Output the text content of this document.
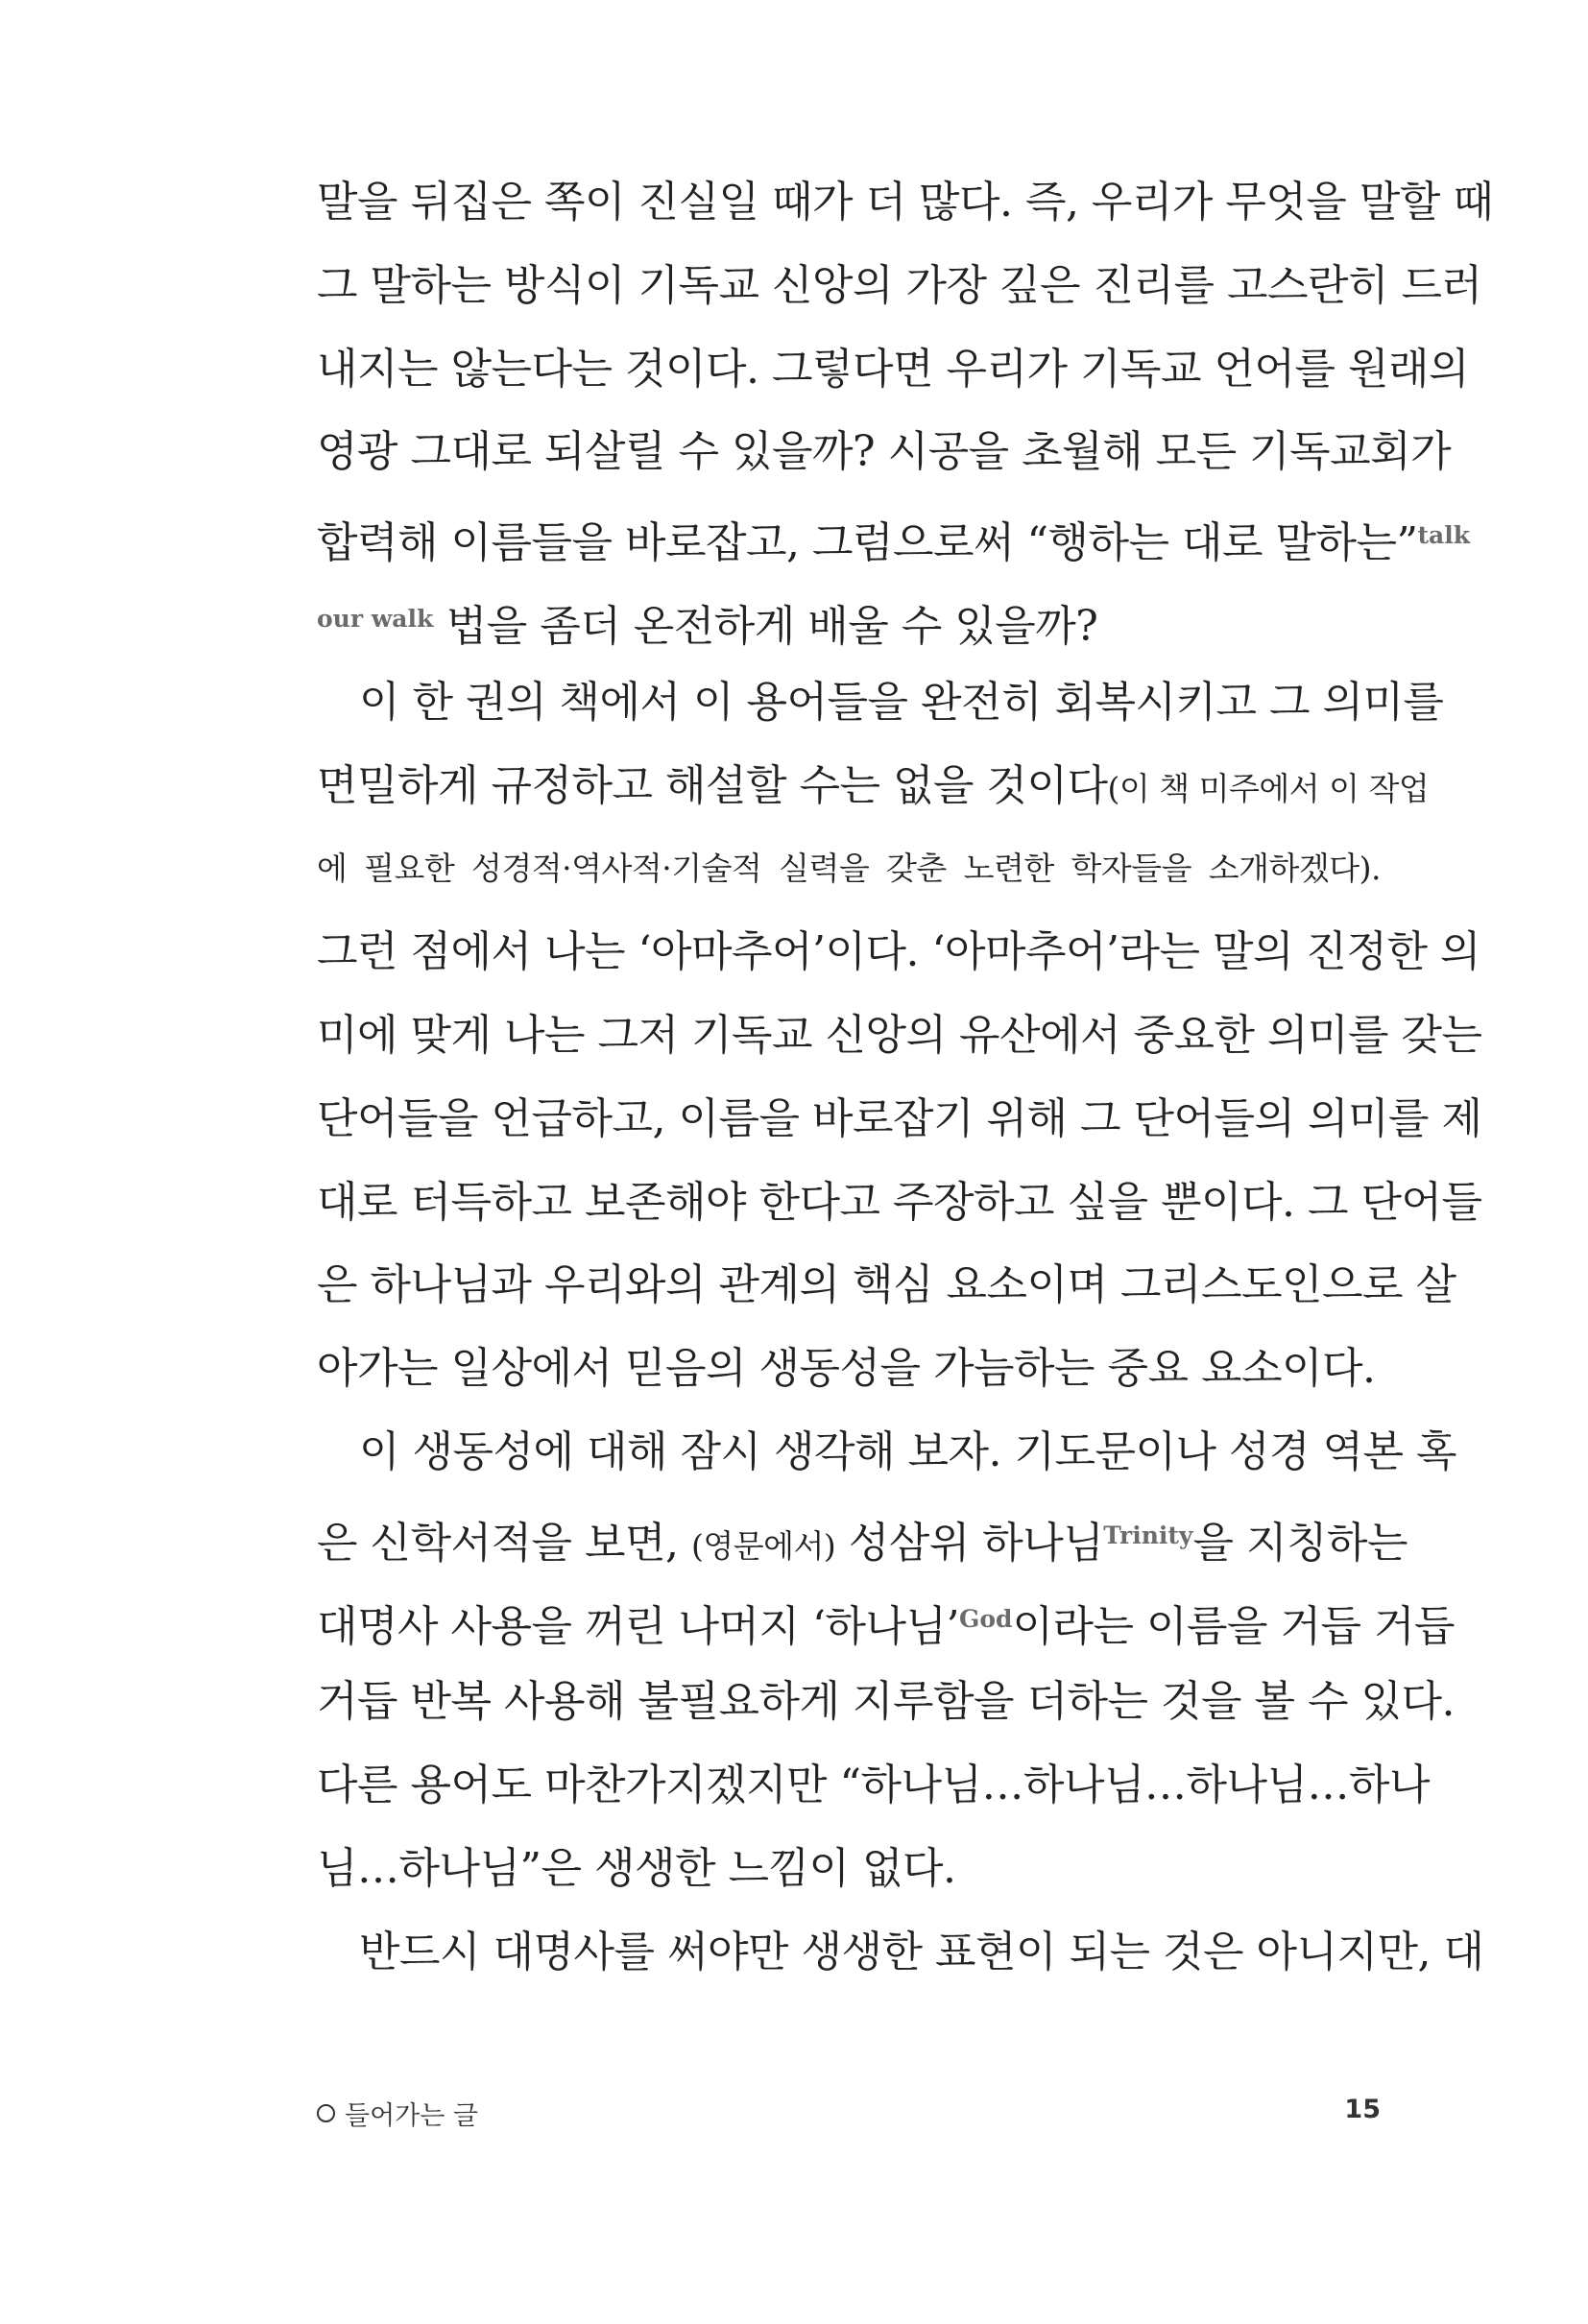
말을 뒤집은 쪽이 진실일 때가 더 많다. 즉, 우리가 무엇을 말할 때
그 말하는 방식이 기독교 신앙의 가장 깊은 진리를 고스란히 드러
내지는 않는다는 것이다. 그렇다면 우리가 기독교 언어를 원래의
영광 그대로 되살릴 수 있을까? 시공을 초월해 모든 기독교회가
합력해 이름들을 바로잡고, 그럼으로써 “행하는 대로 말하는”$^{talk}$
$^{our walk}$ 법을 좀더 온전하게 배울 수 있을까?
이 한 권의 책에서 이 용어들을 완전히 회복시키고 그 의미를
면밀하게 규정하고 해설할 수는 없을 것이다(이 책 미주에서 이 작업
에 필요한 성경적·역사적·기술적 실력을 갖춘 노련한 학자들을 소개하겠다).
그런 점에서 나는 ‘아마추어’이다. ‘아마추어’라는 말의 진정한 의
미에 맞게 나는 그저 기독교 신앙의 유산에서 중요한 의미를 갖는
단어들을 언급하고, 이름을 바로잡기 위해 그 단어들의 의미를 제
대로 터득하고 보존해야 한다고 주장하고 싶을 뿐이다. 그 단어들
은 하나님과 우리와의 관계의 핵심 요소이며 그리스도인으로 살
아가는 일상에서 믿음의 생동성을 가늠하는 중요 요소이다.
이 생동성에 대해 잠시 생각해 보자. 기도문이나 성경 역본 혹
은 신학서적을 보면, (영문에서) 성삼위 하나님$^{Trinity}$을 지칭하는
대명사 사용을 꺼린 나머지 ‘하나님’$^{God}$이라는 이름을 거듭 거듭
거듭 반복 사용해 불필요하게 지루함을 더하는 것을 볼 수 있다.
다른 용어도 마찬가지겠지만 “하나님…하나님…하나님…하나
님…하나님”은 생생한 느낌이 없다.
반드시 대명사를 써야만 생생한 표현이 되는 것은 아니지만, 대
들어가는 글	15
